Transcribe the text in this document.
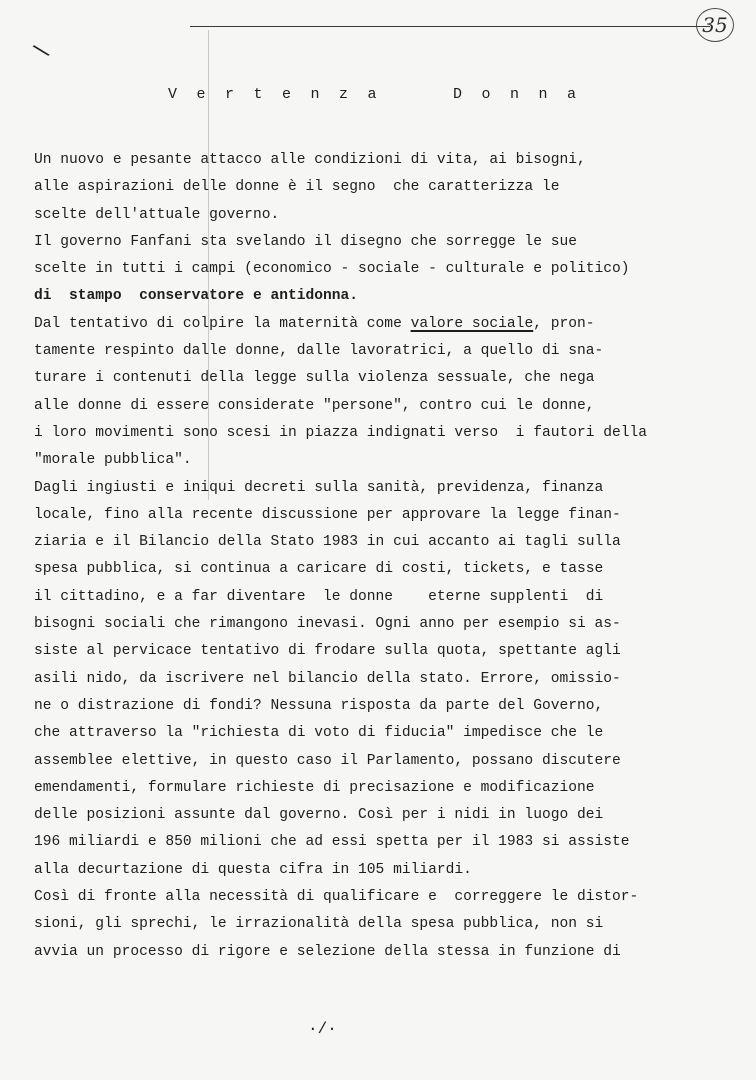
\
35
V e r t e n z a     D o n n a
Un nuovo e pesante attacco alle condizioni di vita, ai bisogni,
alle aspirazioni delle donne è il segno  che caratterizza le
scelte dell'attuale governo.
Il governo Fanfani sta svelando il disegno che sorregge le sue
scelte in tutti i campi (economico - sociale - culturale e politico)
di  stampo  conservatore e antidonna.
Dal tentativo di colpire la maternità come valore sociale, pron-
tamente respinto dalle donne, dalle lavoratrici, a quello di sna-
turare i contenuti della legge sulla violenza sessuale, che nega
alle donne di essere considerate "persone", contro cui le donne,
i loro movimenti sono scesi in piazza indignati verso  i fautori della
"morale pubblica".
Dagli ingiusti e iniqui decreti sulla sanità, previdenza, finanza
locale, fino alla recente discussione per approvare la legge finan-
ziaria e il Bilancio della Stato 1983 in cui accanto ai tagli sulla
spesa pubblica, si continua a caricare di costi, tickets, e tasse
il cittadino, e a far diventare  le donne    eterne supplenti  di
bisogni sociali che rimangono inevasi. Ogni anno per esempio si as-
siste al pervicace tentativo di frodare sulla quota, spettante agli
asili nido, da iscrivere nel bilancio della stato. Errore, omissio-
ne o distrazione di fondi? Nessuna risposta da parte del Governo,
che attraverso la "richiesta di voto di fiducia" impedisce che le
assemblee elettive, in questo caso il Parlamento, possano discutere
emendamenti, formulare richieste di precisazione e modificazione
delle posizioni assunte dal governo. Così per i nidi in luogo dei
196 miliardi e 850 milioni che ad essi spetta per il 1983 si assiste
alla decurtazione di questa cifra in 105 miliardi.
Così di fronte alla necessità di qualificare e  correggere le distor-
sioni, gli sprechi, le irrazionalità della spesa pubblica, non si
avvia un processo di rigore e selezione della stessa in funzione di
·/·
